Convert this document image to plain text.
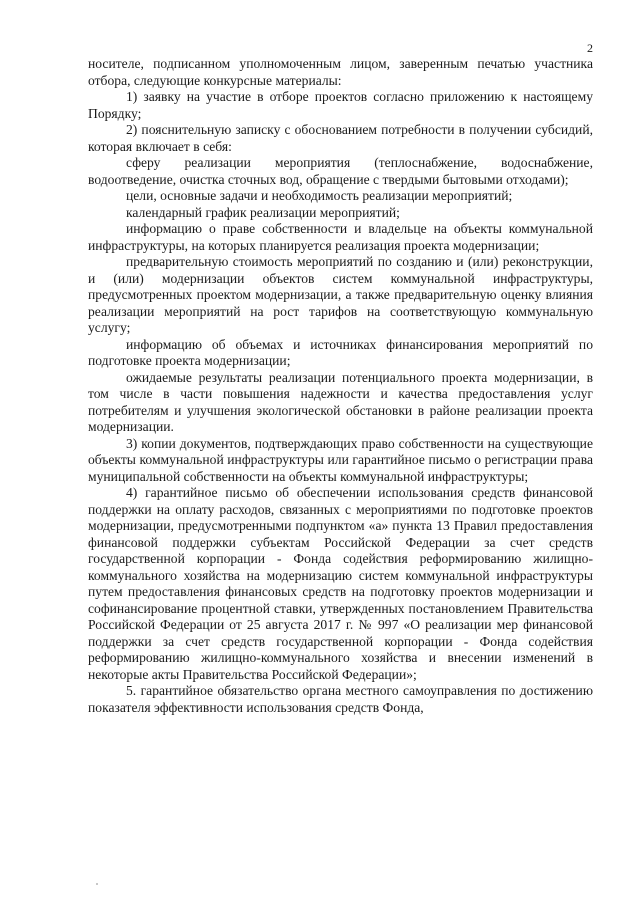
2

носителе, подписанном уполномоченным лицом, заверенным печатью участника отбора, следующие конкурсные материалы:

1) заявку на участие в отборе проектов согласно приложению к настоящему Порядку;

2) пояснительную записку с обоснованием потребности в получении субсидий, которая включает в себя:

сферу реализации мероприятия (теплоснабжение, водоснабжение, водоотведение, очистка сточных вод, обращение с твердыми бытовыми отходами);

цели, основные задачи и необходимость реализации мероприятий;

календарный график реализации мероприятий;

информацию о праве собственности и владельце на объекты коммунальной инфраструктуры, на которых планируется реализация проекта модернизации;

предварительную стоимость мероприятий по созданию и (или) реконструкции, и (или) модернизации объектов систем коммунальной инфраструктуры, предусмотренных проектом модернизации, а также предварительную оценку влияния реализации мероприятий на рост тарифов на соответствующую коммунальную услугу;

информацию об объемах и источниках финансирования мероприятий по подготовке проекта модернизации;

ожидаемые результаты реализации потенциального проекта модернизации, в том числе в части повышения надежности и качества предоставления услуг потребителям и улучшения экологической обстановки в районе реализации проекта модернизации.

3) копии документов, подтверждающих право собственности на существующие объекты коммунальной инфраструктуры или гарантийное письмо о регистрации права муниципальной собственности на объекты коммунальной инфраструктуры;

4) гарантийное письмо об обеспечении использования средств финансовой поддержки на оплату расходов, связанных с мероприятиями по подготовке проектов модернизации, предусмотренными подпунктом «а» пункта 13 Правил предоставления финансовой поддержки субъектам Российской Федерации за счет средств государственной корпорации - Фонда содействия реформированию жилищно-коммунального хозяйства на модернизацию систем коммунальной инфраструктуры путем предоставления финансовых средств на подготовку проектов модернизации и софинансирование процентной ставки, утвержденных постановлением Правительства Российской Федерации от 25 августа 2017 г. № 997 «О реализации мер финансовой поддержки за счет средств государственной корпорации - Фонда содействия реформированию жилищно-коммунального хозяйства и внесении изменений в некоторые акты Правительства Российской Федерации»;

5. гарантийное обязательство органа местного самоуправления по достижению показателя эффективности использования средств Фонда,
